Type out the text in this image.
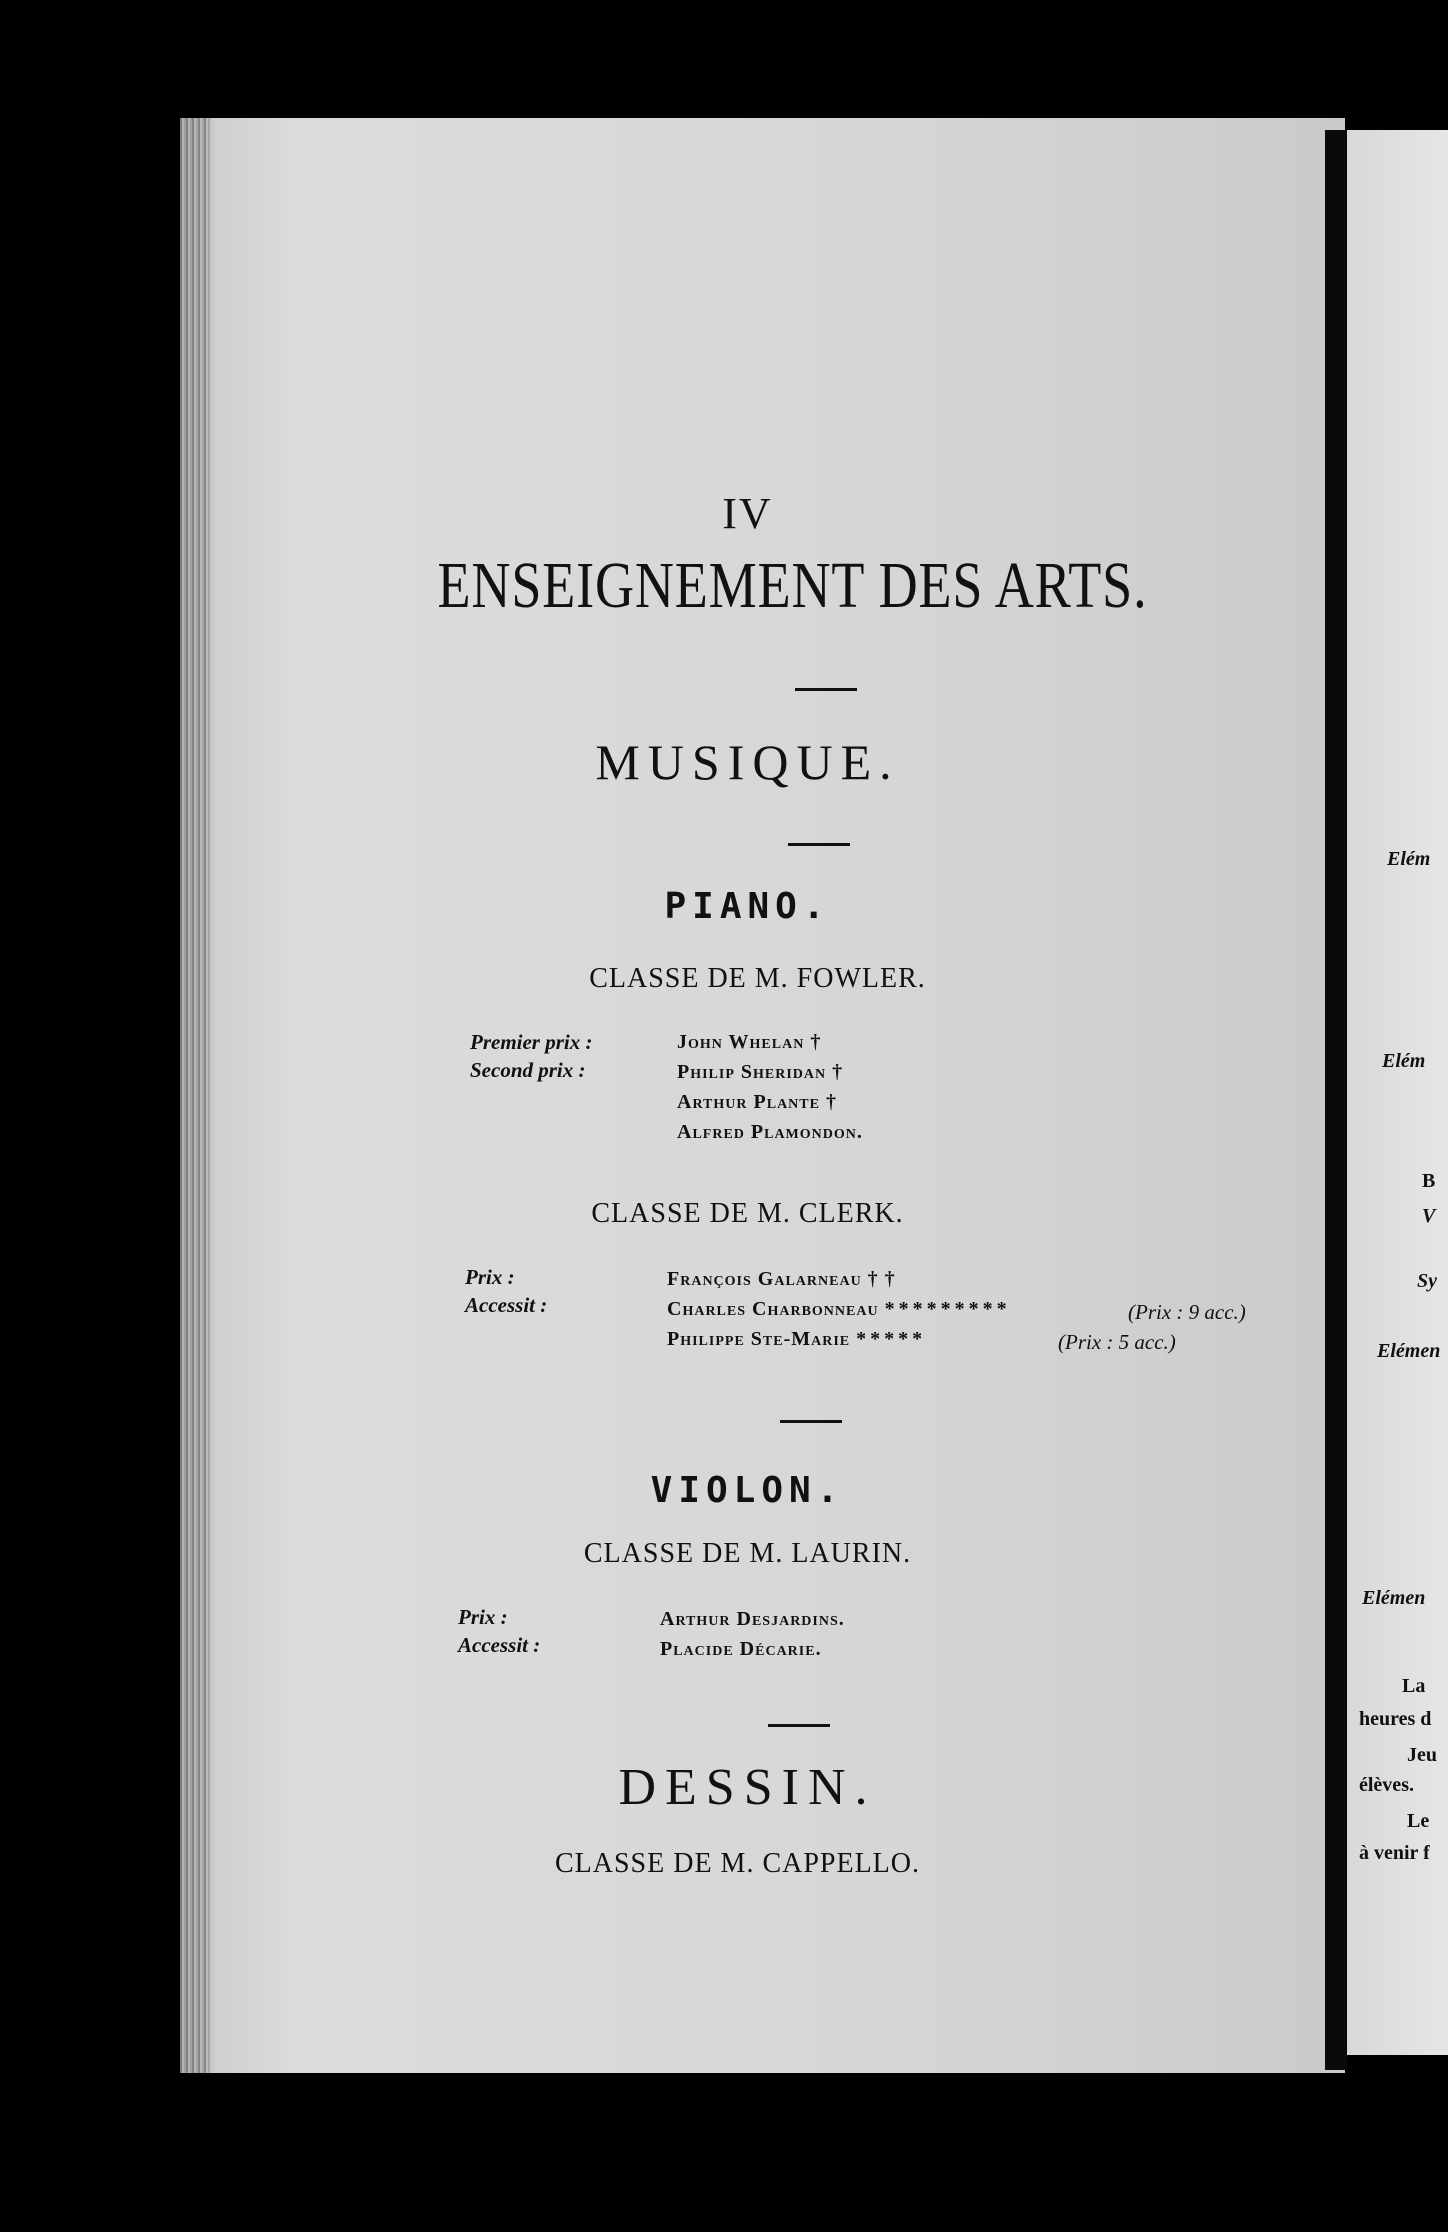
IV
ENSEIGNEMENT DES ARTS.
MUSIQUE.
PIANO.
CLASSE DE M. FOWLER.
Premier prix :
Second prix :
John Whelan †
Philip Sheridan †
Arthur Plante †
Alfred Plamondon.
CLASSE DE M. CLERK.
Prix :
Accessit :
François Galarneau † †
Charles Charbonneau *********	(Prix : 9 acc.)
Philippe Ste-Marie *****	(Prix : 5 acc.)
VIOLON.
CLASSE DE M. LAURIN.
Prix :
Accessit :
Arthur Desjardins.
Placide Décarie.
DESSIN.
CLASSE DE M. CAPPELLO.
Elém
Elém
B
V
Sy
Elémen
Elémen
La
heures d
Jeu
élèves.
Le
à venir f
